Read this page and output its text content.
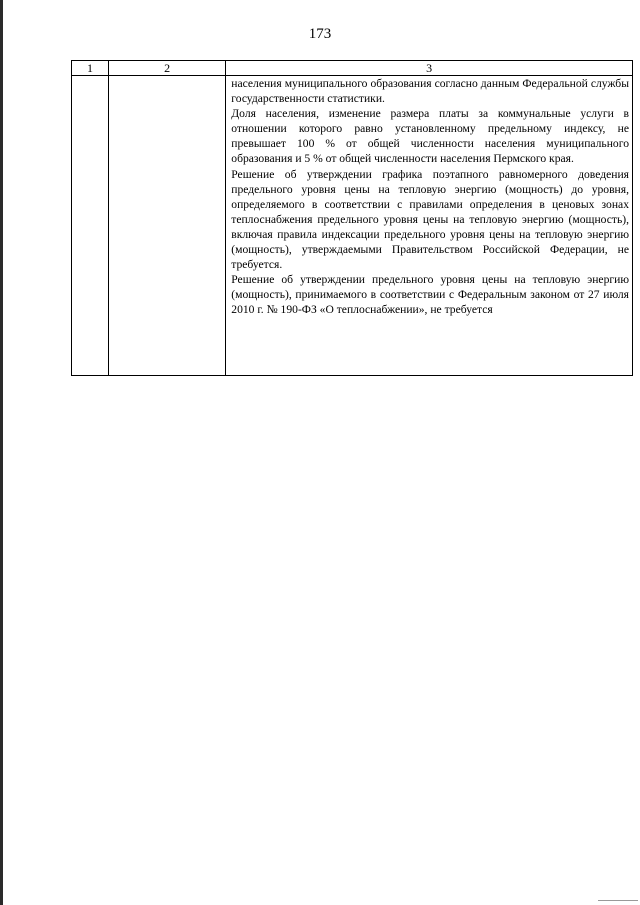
173
1	2	3

		населения муниципального образования согласно данным Федеральной службы государственности статистики.

Доля населения, изменение размера платы за коммунальные услуги в отношении которого равно установленному предельному индексу, не превышает 100 % от общей численности населения муниципального образования и 5 % от общей численности населения Пермского края.

Решение об утверждении графика поэтапного равномерного доведения предельного уровня цены на тепловую энергию (мощность) до уровня, определяемого в соответствии с правилами определения в ценовых зонах теплоснабжения предельного уровня цены на тепловую энергию (мощность), включая правила индексации предельного уровня цены на тепловую энергию (мощность), утверждаемыми Правительством Российской Федерации, не требуется.

Решение об утверждении предельного уровня цены на тепловую энергию (мощность), принимаемого в соответствии с Федеральным законом от 27 июля 2010 г. № 190-ФЗ «О теплоснабжении», не требуется
